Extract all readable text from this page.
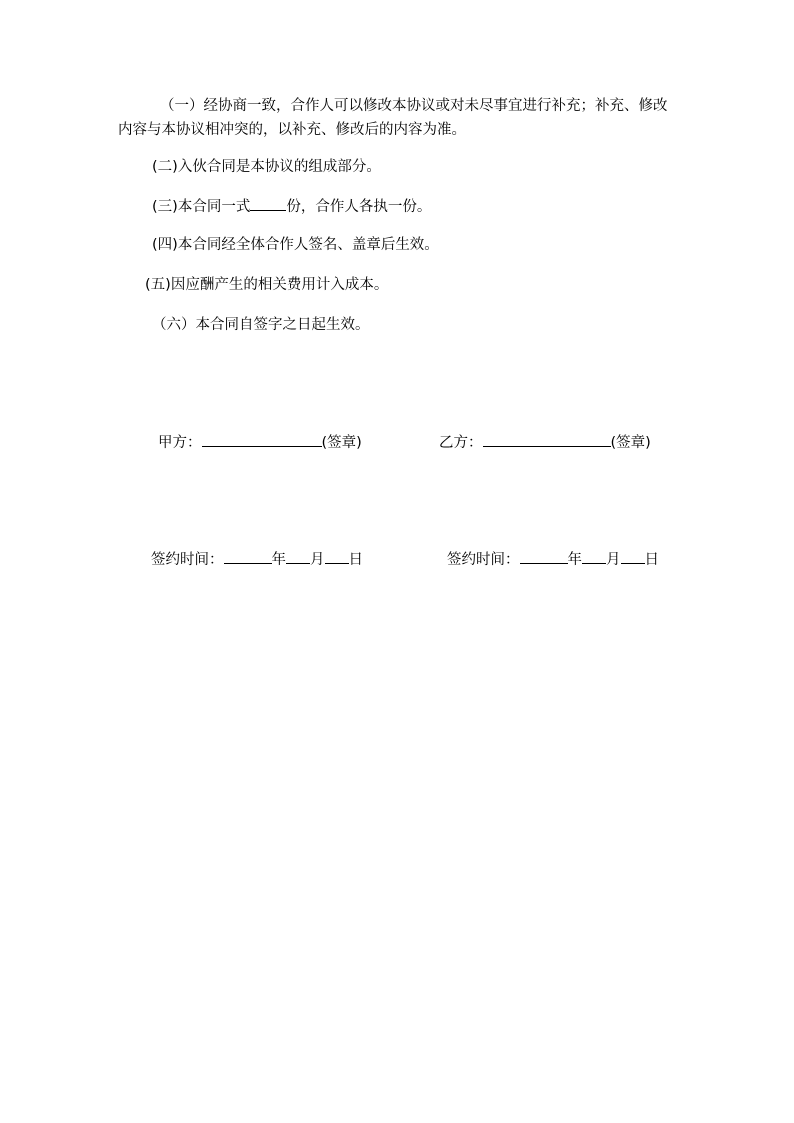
（一）经协商一致，合作人可以修改本协议或对未尽事宜进行补充；补充、修改内容与本协议相冲突的，以补充、修改后的内容为准。
(二)入伙合同是本协议的组成部分。
(三)本合同一式 份，合作人各执一份。
(四)本合同经全体合作人签名、盖章后生效。
(五)因应酬产生的相关费用计入成本。
（六）本合同自签字之日起生效。
甲方：	(签章)	乙方：	(签章)
签约时间：	年 月 日	签约时间：	年 月 日
